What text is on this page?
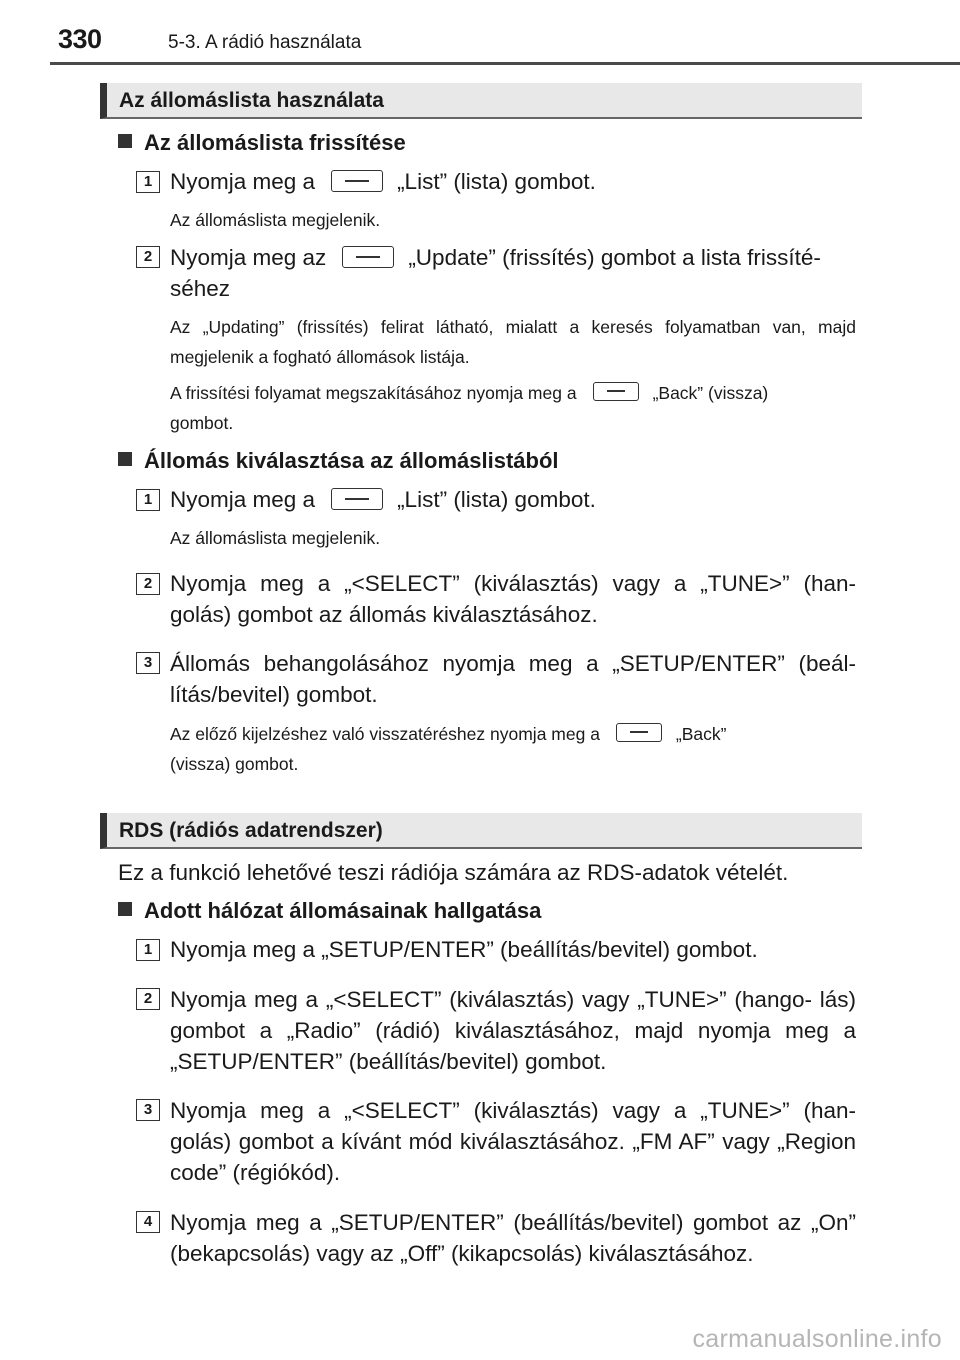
330	5-3. A rádió használata
Az állomáslista használata
Az állomáslista frissítése
1 Nyomja meg a	„List” (lista) gombot.
Az állomáslista megjelenik.
2 Nyomja meg az	„Update” (frissítés) gombot a lista frissíté-
séhez
Az „Updating” (frissítés) felirat látható, mialatt a keresés folyamatban van, majd megjelenik a fogható állomások listája.
A frissítési folyamat megszakításához nyomja meg a	„Back” (vissza)
gombot.
Állomás kiválasztása az állomáslistából
1 Nyomja meg a	„List” (lista) gombot.
Az állomáslista megjelenik.
2 Nyomja meg a „<SELECT” (kiválasztás) vagy a „TUNE>” (han- golás) gombot az állomás kiválasztásához.
3 Állomás behangolásához nyomja meg a „SETUP/ENTER” (beál- lítás/bevitel) gombot.
Az előző kijelzéshez való visszatéréshez nyomja meg a	„Back”
(vissza) gombot.
RDS (rádiós adatrendszer)
Ez a funkció lehetővé teszi rádiója számára az RDS-adatok vételét.
Adott hálózat állomásainak hallgatása
1 Nyomja meg a „SETUP/ENTER” (beállítás/bevitel) gombot.
2 Nyomja meg a „<SELECT” (kiválasztás) vagy „TUNE>” (hango- lás) gombot a „Radio” (rádió) kiválasztásához, majd nyomja meg a „SETUP/ENTER” (beállítás/bevitel) gombot.
3 Nyomja meg a „<SELECT” (kiválasztás) vagy a „TUNE>” (han- golás) gombot a kívánt mód kiválasztásához. „FM AF” vagy „Region code” (régiókód).
4 Nyomja meg a „SETUP/ENTER” (beállítás/bevitel) gombot az „On” (bekapcsolás) vagy az „Off” (kikapcsolás) kiválasztásához.
carmanualsonline.info
